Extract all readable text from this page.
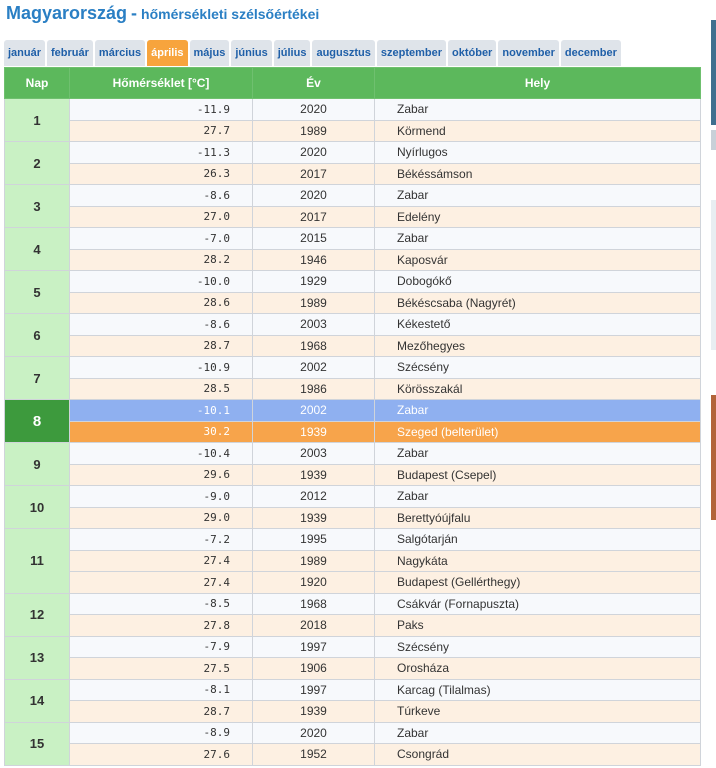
Magyarország - hőmérsékleti szélsőértékei
január február március április május június július augusztus szeptember október november december
Nap	Hőmérséklet [°C]	Év	Hely
1	-11.9	2020	Zabar
	27.7	1989	Körmend
2	-11.3	2020	Nyírlugos
	26.3	2017	Békéssámson
3	-8.6	2020	Zabar
	27.0	2017	Edelény
4	-7.0	2015	Zabar
	28.2	1946	Kaposvár
5	-10.0	1929	Dobogókő
	28.6	1989	Békéscsaba (Nagyrét)
6	-8.6	2003	Kékestető
	28.7	1968	Mezőhegyes
7	-10.9	2002	Szécsény
	28.5	1986	Körösszakál
8	-10.1	2002	Zabar
	30.2	1939	Szeged (belterület)
9	-10.4	2003	Zabar
	29.6	1939	Budapest (Csepel)
10	-9.0	2012	Zabar
	29.0	1939	Berettyóújfalu
11	-7.2	1995	Salgótarján
	27.4	1989	Nagykáta
	27.4	1920	Budapest (Gellérthegy)
12	-8.5	1968	Csákvár (Fornapuszta)
	27.8	2018	Paks
13	-7.9	1997	Szécsény
	27.5	1906	Orosháza
14	-8.1	1997	Karcag (Tilalmas)
	28.7	1939	Túrkeve
15	-8.9	2020	Zabar
	27.6	1952	Csongrád
